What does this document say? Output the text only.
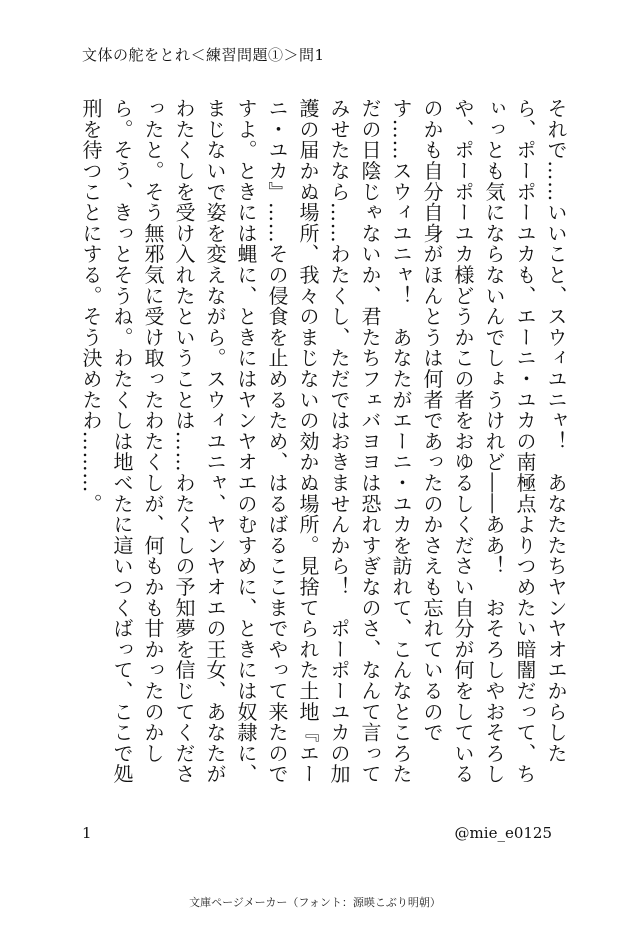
文体の舵をとれ＜練習問題①＞問1

それで……いいこと、スウィユニャ！　あなたたちヤンヤオエからしたら、ポーポーユカも、エーニ・ユカの南極点よりつめたい暗闇だって、ちぃっとも気にならないんでしょうけれど――ああ！　おそろしやおそろしや、ポーポーユカ様どうかこの者をおゆるしください自分が何をしているのかも自分自身がほんとうは何者であったのかさえも忘れているのです……スウィユニャ！　あなたがエーニ・ユカを訪れて、こんなところただの日陰じゃないか、君たちフェバヨヨは恐れすぎなのさ、なんて言ってみせたなら……わたくし、ただではおきませんから！　ポーポーユカの加護の届かぬ場所、我々のまじないの効かぬ場所。見捨てられた土地『エーニ・ユカ』……その侵食を止めるため、はるばるここまでやって来たのですよ。ときには蝿に、ときにはヤンヤオエのむすめに、ときには奴隷に、まじないで姿を変えながら。スウィユニャ、ヤンヤオエの王女、あなたがわたくしを受け入れたということは……わたくしの予知夢を信じてくださったと。そう無邪気に受け取ったわたくしが、何もかも甘かったのかしら。そう、きっとそうね。わたくしは地べたに這いつくばって、ここで処刑を待つことにする。そう決めたわ………。

1	@mie_e0125
文庫ページメーカー（フォント：源暎こぶり明朝）
